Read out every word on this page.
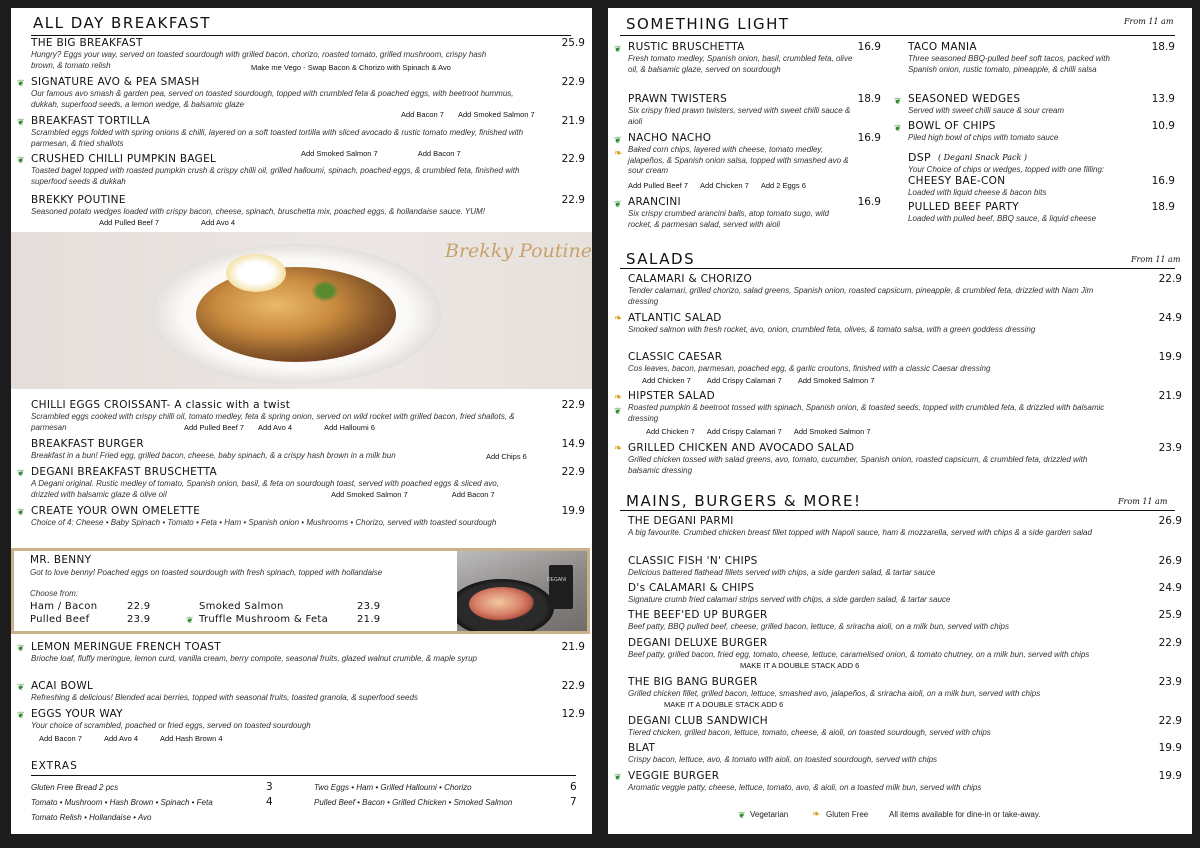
ALL DAY BREAKFAST
THE BIG BREAKFAST	25.9
Hungry? Eggs your way, served on toasted sourdough with grilled bacon, chorizo, roasted tomato, grilled mushroom, crispy hash brown, & tomato relish	Make me Vego - Swap Bacon & Chorizo with Spinach & Avo
❦ SIGNATURE AVO & PEA SMASH	22.9
Our famous avo smash & garden pea, served on toasted sourdough, topped with crumbled feta & poached eggs, with beetroot hummus, dukkah, superfood seeds, a lemon wedge, & balsamic glaze
Add Bacon 7 Add Smoked Salmon 7
❦ BREAKFAST TORTILLA	21.9
Scrambled eggs folded with spring onions & chilli, layered on a soft toasted tortilla with sliced avocado & rustic tomato medley, finished with parmesan, & fried shallots
Add Smoked Salmon 7	Add Bacon 7
❦ CRUSHED CHILLI PUMPKIN BAGEL	22.9
Toasted bagel topped with roasted pumpkin crush & crispy chilli oil, grilled halloumi, spinach, poached eggs, & crumbled feta, finished with superfood seeds & dukkah
BREKKY POUTINE	22.9
Seasoned potato wedges loaded with crispy bacon, cheese, spinach, bruschetta mix, poached eggs, & hollandaise sauce. YUM!
Add Pulled Beef 7	Add Avo 4
Brekky Poutine
CHILLI EGGS CROISSANT- A classic with a twist	22.9
Scrambled eggs cooked with crispy chilli oil, tomato medley, feta & spring onion, served on wild rocket with grilled bacon, fried shallots, & parmesan	Add Pulled Beef 7 Add Avo 4	Add Halloumi 6
BREAKFAST BURGER	14.9
Breakfast in a bun! Fried egg, grilled bacon, cheese, baby spinach, & a crispy hash brown in a milk bun	Add Chips 6
❦ DEGANI BREAKFAST BRUSCHETTA	22.9
A Degani original. Rustic medley of tomato, Spanish onion, basil, & feta on sourdough toast, served with poached eggs & sliced avo, drizzled with balsamic glaze & olive oil	Add Smoked Salmon 7	Add Bacon 7
❦ CREATE YOUR OWN OMELETTE	19.9
Choice of 4: Cheese • Baby Spinach • Tomato • Feta • Ham • Spanish onion • Mushrooms • Chorizo, served with toasted sourdough
MR. BENNY
Got to love benny! Poached eggs on toasted sourdough with fresh spinach, topped with hollandaise
Choose from:
Ham / Bacon	22.9
Pulled Beef	23.9
Smoked Salmon	23.9
❦ Truffle Mushroom & Feta	21.9
DEGANI
❦ LEMON MERINGUE FRENCH TOAST	21.9
Brioche loaf, fluffy meringue, lemon curd, vanilla cream, berry compote, seasonal fruits, glazed walnut crumble, & maple syrup
❦ ACAI BOWL	22.9
Refreshing & delicious! Blended acai berries, topped with seasonal fruits, toasted granola, & superfood seeds
❦ EGGS YOUR WAY	12.9
Your choice of scrambled, poached or fried eggs, served on toasted sourdough
Add Bacon 7	Add Avo 4	Add Hash Brown 4
EXTRAS
Gluten Free Bread 2 pcs	3
Tomato • Mushroom • Hash Brown • Spinach • Feta	4
Tomato Relish • Hollandaise • Avo
Two Eggs • Ham • Grilled Halloumi • Chorizo	6
Pulled Beef • Bacon • Grilled Chicken • Smoked Salmon	7
SOMETHING LIGHT	From 11 am
❦ RUSTIC BRUSCHETTA	16.9
Fresh tomato medley, Spanish onion, basil, crumbled feta, olive oil, & balsamic glaze, served on sourdough
PRAWN TWISTERS	18.9
Six crispy fried prawn twisters, served with sweet chilli sauce & aioli
❦
❧
NACHO NACHO	16.9
Baked corn chips, layered with cheese, tomato medley, jalapeños, & Spanish onion salsa, topped with smashed avo & sour cream
Add Pulled Beef 7 Add Chicken 7 Add 2 Eggs 6
❦ ARANCINI	16.9
Six crispy crumbed arancini balls, atop tomato sugo, wild rocket, & parmesan salad, served with aioli
TACO MANIA	18.9
Three seasoned BBQ-pulled beef soft tacos, packed with Spanish onion, rustic tomato, pineapple, & chilli salsa
❦ SEASONED WEDGES	13.9
Served with sweet chilli sauce & sour cream
❦ BOWL OF CHIPS	10.9
Piled high bowl of chips with tomato sauce
DSP ( Degani Snack Pack )
Your Choice of chips or wedges, topped with one filling:
CHEESY BAE-CON	16.9
Loaded with liquid cheese & bacon bits
PULLED BEEF PARTY	18.9
Loaded with pulled beef, BBQ sauce, & liquid cheese
SALADS	From 11 am
CALAMARI & CHORIZO	22.9
Tender calamari, grilled chorizo, salad greens, Spanish onion, roasted capsicum, pineapple, & crumbled feta, drizzled with Nam Jim dressing
❧ ATLANTIC SALAD	24.9
Smoked salmon with fresh rocket, avo, onion, crumbled feta, olives, & tomato salsa, with a green goddess dressing
CLASSIC CAESAR	19.9
Cos leaves, bacon, parmesan, poached egg, & garlic croutons, finished with a classic Caesar dressing
Add Chicken 7 Add Crispy Calamari 7 Add Smoked Salmon 7
❧
❦
HIPSTER SALAD	21.9
Roasted pumpkin & beetroot tossed with spinach, Spanish onion, & toasted seeds, topped with crumbled feta, & drizzled with balsamic dressing
Add Chicken 7 Add Crispy Calamari 7 Add Smoked Salmon 7
❧ GRILLED CHICKEN AND AVOCADO SALAD	23.9
Grilled chicken tossed with salad greens, avo, tomato, cucumber, Spanish onion, roasted capsicum, & crumbled feta, drizzled with balsamic dressing
MAINS, BURGERS & MORE!	From 11 am
THE DEGANI PARMI	26.9
A big favourite. Crumbed chicken breast fillet topped with Napoli sauce, ham & mozzarella, served with chips & a side garden salad
CLASSIC FISH 'N' CHIPS	26.9
Delicious battered flathead fillets served with chips, a side garden salad, & tartar sauce
D's CALAMARI & CHIPS	24.9
Signature crumb fried calamari strips served with chips, a side garden salad, & tartar sauce
THE BEEF'ED UP BURGER	25.9
Beef patty, BBQ pulled beef, cheese, grilled bacon, lettuce, & sriracha aioli, on a milk bun, served with chips
DEGANI DELUXE BURGER	22.9
Beef patty, grilled bacon, fried egg, tomato, cheese, lettuce, caramelised onion, & tomato chutney, on a milk bun, served with chips
MAKE IT A DOUBLE STACK ADD 6
THE BIG BANG BURGER	23.9
Grilled chicken fillet, grilled bacon, lettuce, smashed avo, jalapeños, & sriracha aioli, on a milk bun, served with chips
MAKE IT A DOUBLE STACK ADD 6
DEGANI CLUB SANDWICH	22.9
Tiered chicken, grilled bacon, lettuce, tomato, cheese, & aioli, on toasted sourdough, served with chips
BLAT	19.9
Crispy bacon, lettuce, avo, & tomato with aioli, on toasted sourdough, served with chips
❦ VEGGIE BURGER	19.9
Aromatic veggie patty, cheese, lettuce, tomato, avo, & aioli, on a toasted milk bun, served with chips
❦ Vegetarian ❧ Gluten Free	All items available for dine-in or take-away.
